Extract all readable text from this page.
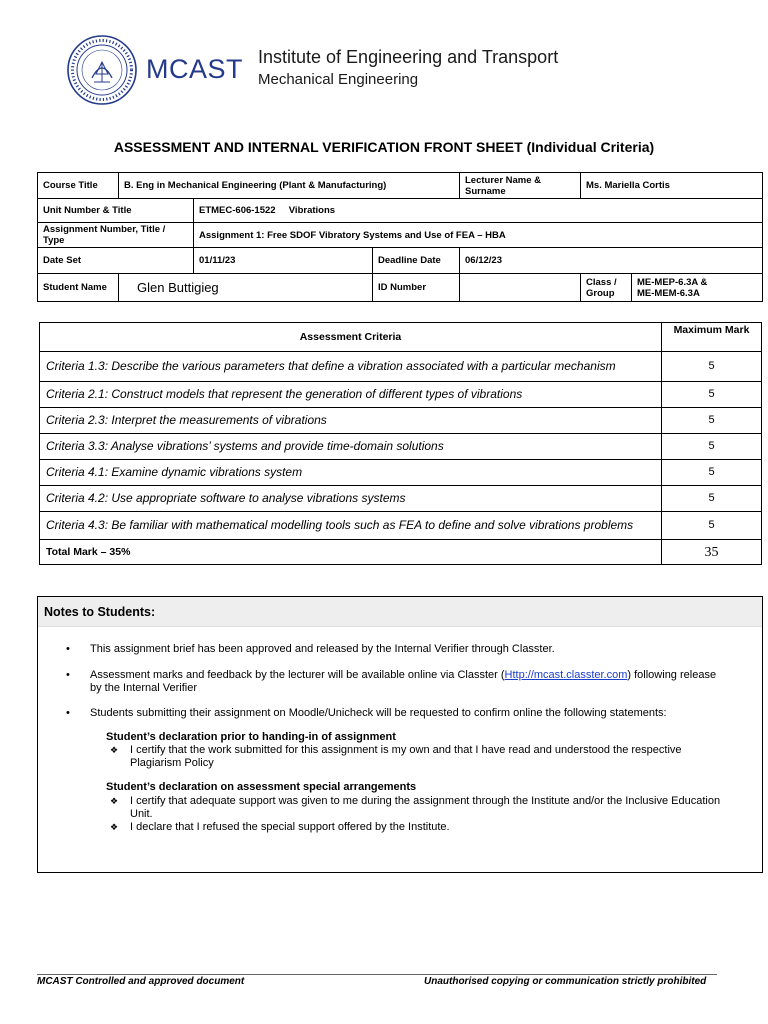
MCAST Institute of Engineering and Transport
Mechanical Engineering
ASSESSMENT AND INTERNAL VERIFICATION FRONT SHEET (Individual Criteria)
Course Title	B. Eng in Mechanical Engineering (Plant & Manufacturing)			Lecturer Name & Surname	Ms. Mariella Cortis	
Unit Number & Title		ETMEC-606-1522 Vibrations				
Assignment Number, Title / Type		Assignment 1: Free SDOF Vibratory Systems and Use of FEA – HBA				
Date Set		01/11/23	Deadline Date	06/12/23		
Student Name	Glen Buttigieg		ID Number		Class / Group	ME-MEP-6.3A &
ME-MEM-6.3A
Assessment Criteria	Maximum Mark
Criteria 1.3: Describe the various parameters that define a vibration associated with a particular mechanism	5
Criteria 2.1: Construct models that represent the generation of different types of vibrations	5
Criteria 2.3: Interpret the measurements of vibrations	5
Criteria 3.3: Analyse vibrations’ systems and provide time-domain solutions	5
Criteria 4.1: Examine dynamic vibrations system	5
Criteria 4.2: Use appropriate software to analyse vibrations systems	5
Criteria 4.3: Be familiar with mathematical modelling tools such as FEA to define and solve vibrations problems	5
Total Mark – 35%	35
Notes to Students:
• This assignment brief has been approved and released by the Internal Verifier through Classter.
• Assessment marks and feedback by the lecturer will be available online via Classter (Http://mcast.classter.com) following release by the Internal Verifier
• Students submitting their assignment on Moodle/Unicheck will be requested to confirm online the following statements:
Student’s declaration prior to handing-in of assignment
❖ I certify that the work submitted for this assignment is my own and that I have read and understood the respective Plagiarism Policy
Student’s declaration on assessment special arrangements
❖ I certify that adequate support was given to me during the assignment through the Institute and/or the Inclusive Education Unit.
❖ I declare that I refused the special support offered by the Institute.
MCAST Controlled and approved document	Unauthorised copying or communication strictly prohibited
